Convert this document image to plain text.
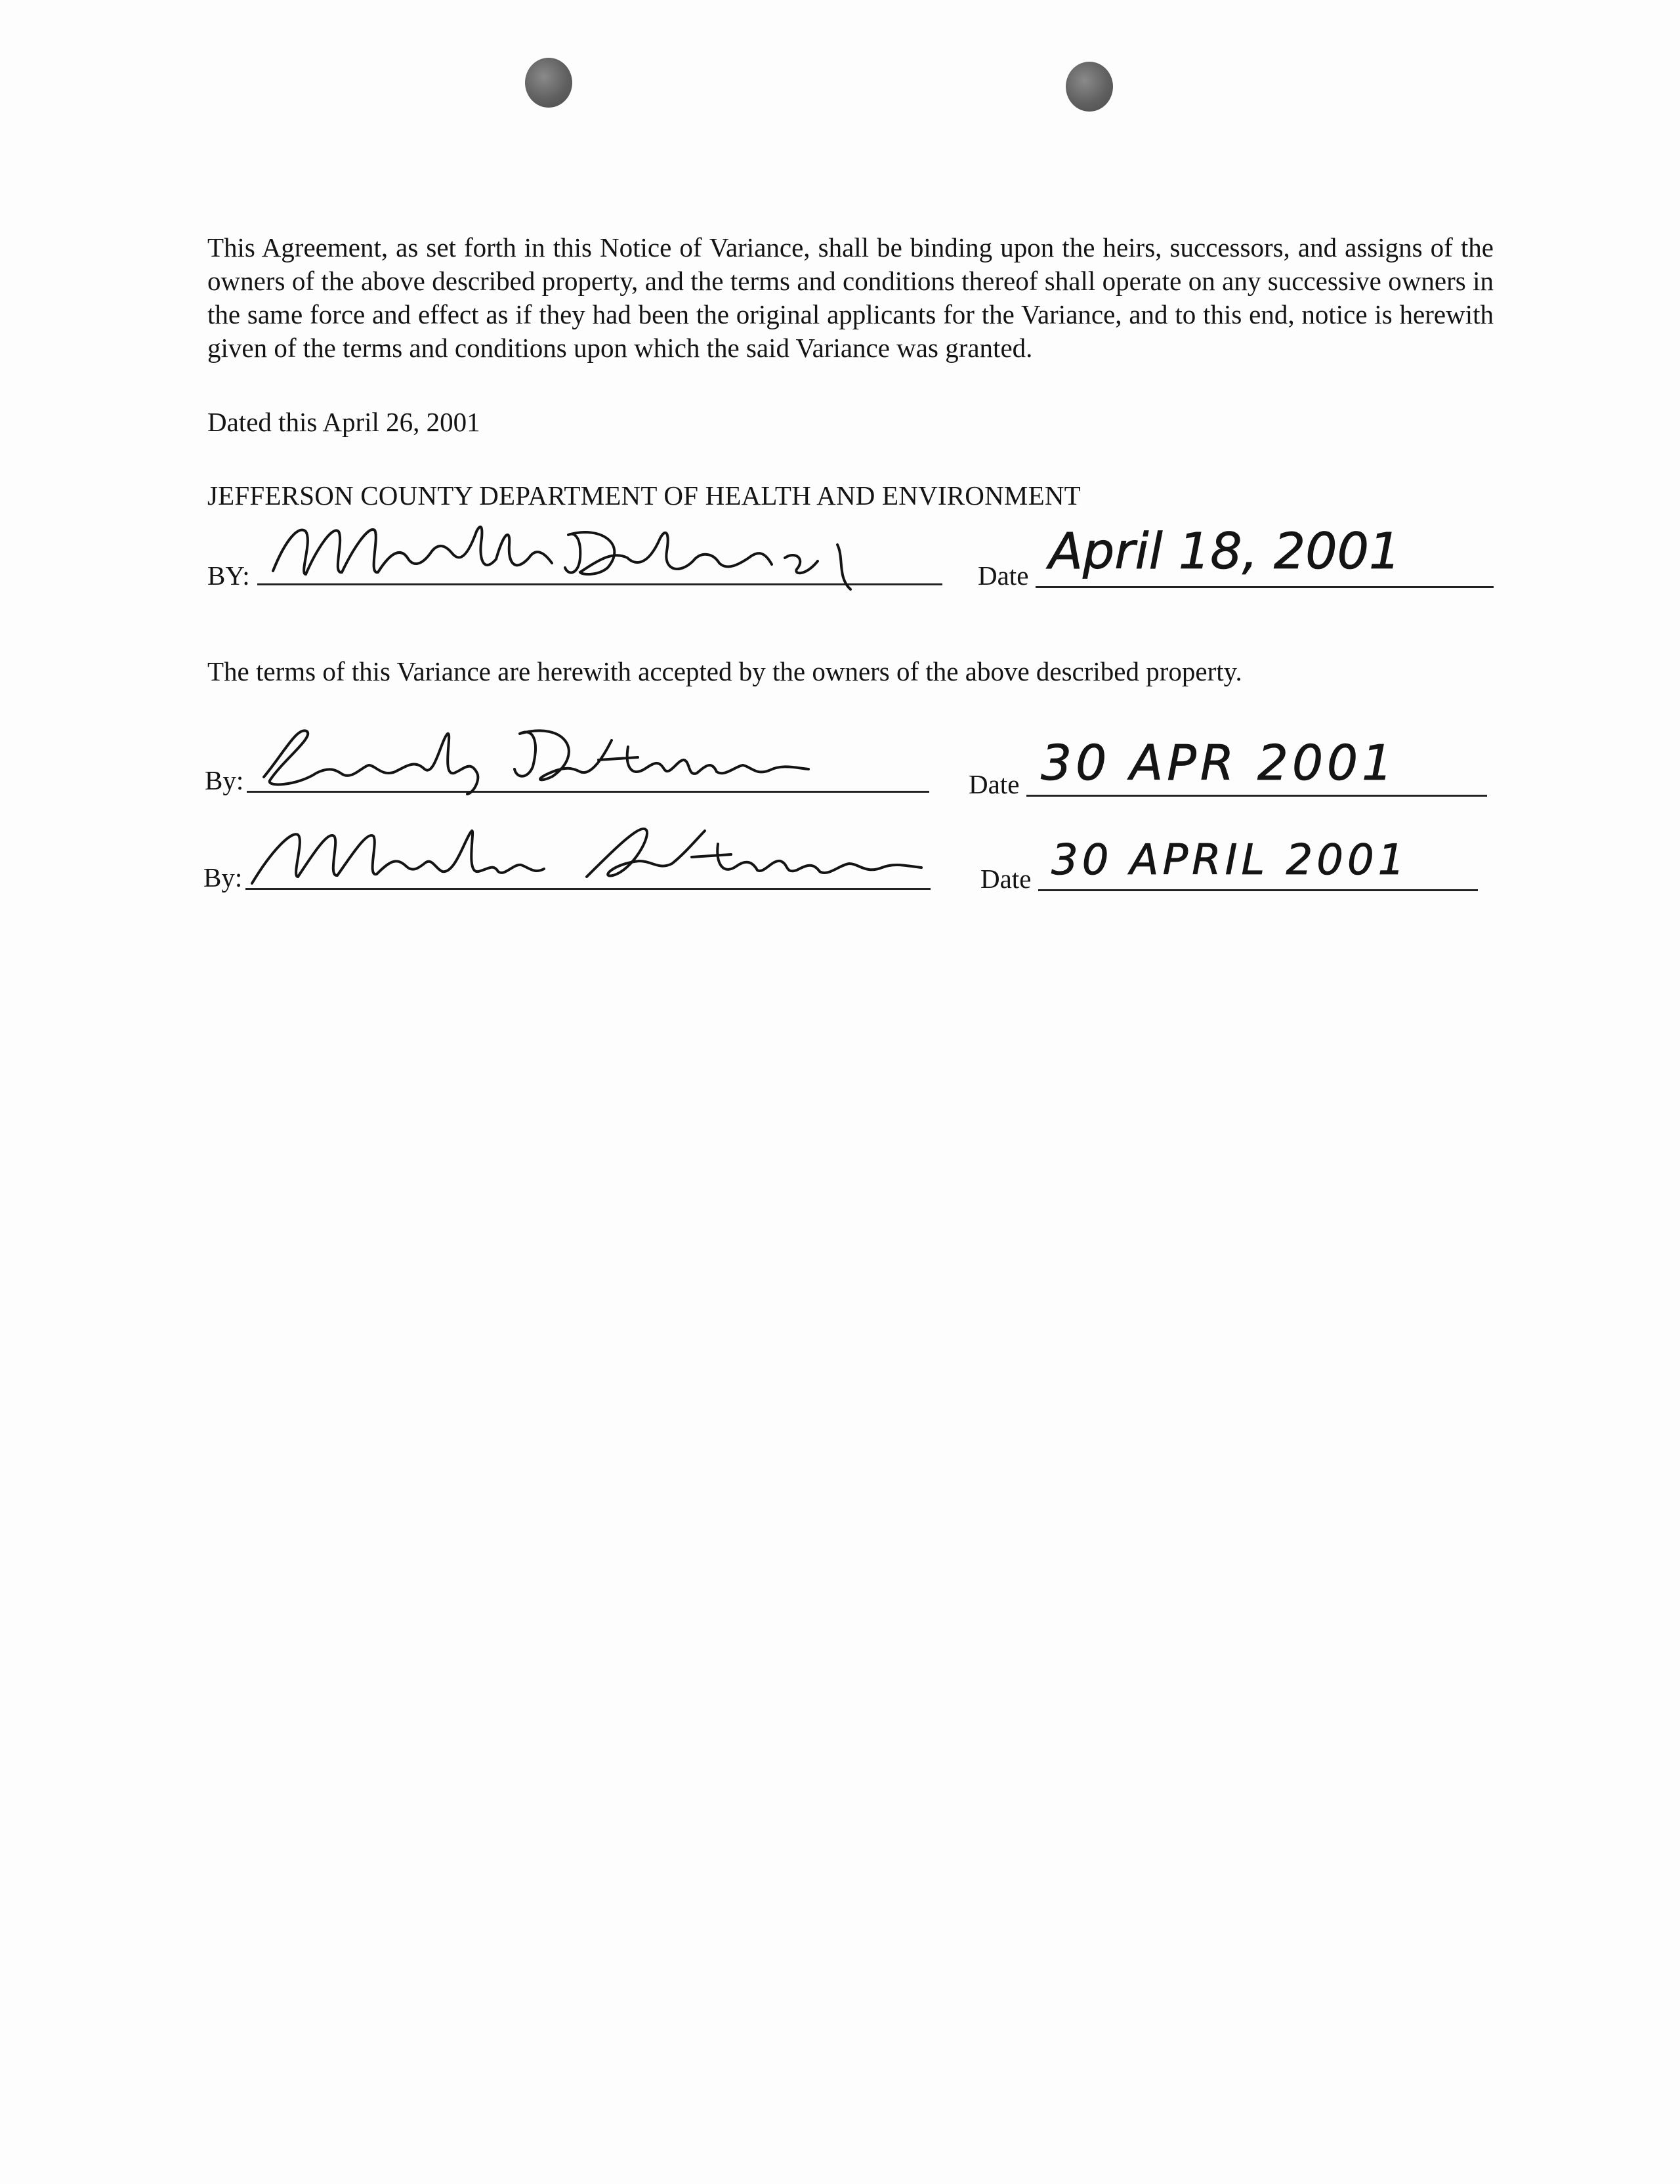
This Agreement, as set forth in this Notice of Variance, shall be binding upon the heirs, successors, and assigns of the owners of the above described property, and the terms and conditions thereof shall operate on any successive owners in the same force and effect as if they had been the original applicants for the Variance, and to this end, notice is herewith given of the terms and conditions upon which the said Variance was granted.

Dated this April 26, 2001
JEFFERSON COUNTY DEPARTMENT OF HEALTH AND ENVIRONMENT
BY:	Date April 18, 2001
The terms of this Variance are herewith accepted by the owners of the above described property.
By:	Date 30 APR 2001
By:	Date 30 APRIL 2001
